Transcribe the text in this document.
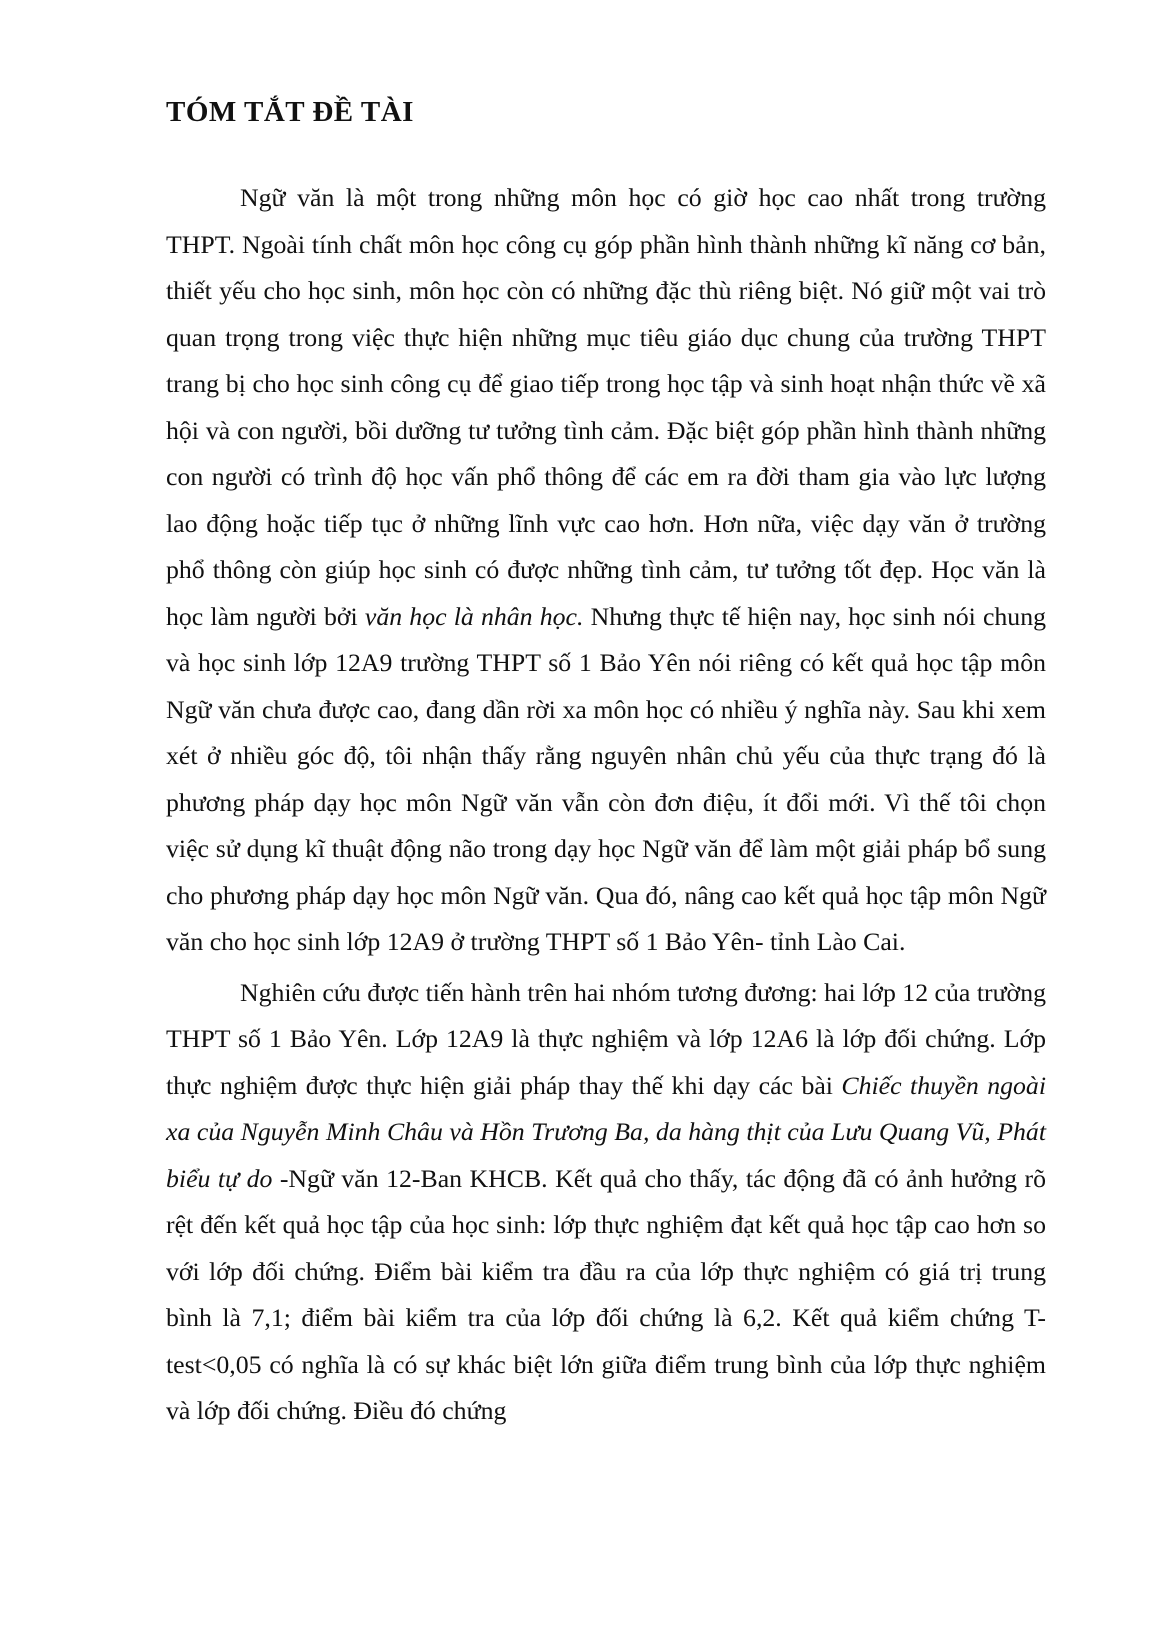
TÓM TẮT ĐỀ TÀI

Ngữ văn là một trong những môn học có giờ học cao nhất trong trường THPT. Ngoài tính chất môn học công cụ góp phần hình thành những kĩ năng cơ bản, thiết yếu cho học sinh, môn học còn có những đặc thù riêng biệt. Nó giữ một vai trò quan trọng trong việc thực hiện những mục tiêu giáo dục chung của trường THPT trang bị cho học sinh công cụ để giao tiếp trong học tập và sinh hoạt nhận thức về xã hội và con người, bồi dưỡng tư tưởng tình cảm. Đặc biệt góp phần hình thành những con người có trình độ học vấn phổ thông để các em ra đời tham gia vào lực lượng lao động hoặc tiếp tục ở những lĩnh vực cao hơn. Hơn nữa, việc dạy văn ở trường phổ thông còn giúp học sinh có được những tình cảm, tư tưởng tốt đẹp. Học văn là học làm người bởi văn học là nhân học. Nhưng thực tế hiện nay, học sinh nói chung và học sinh lớp 12A9 trường THPT số 1 Bảo Yên nói riêng có kết quả học tập môn Ngữ văn chưa được cao, đang dần rời xa môn học có nhiều ý nghĩa này. Sau khi xem xét ở nhiều góc độ, tôi nhận thấy rằng nguyên nhân chủ yếu của thực trạng đó là phương pháp dạy học môn Ngữ văn vẫn còn đơn điệu, ít đổi mới. Vì thế tôi chọn việc sử dụng kĩ thuật động não trong dạy học Ngữ văn để làm một giải pháp bổ sung cho phương pháp dạy học môn Ngữ văn. Qua đó, nâng cao kết quả học tập môn Ngữ văn cho học sinh lớp 12A9 ở trường THPT số 1 Bảo Yên- tỉnh Lào Cai.

Nghiên cứu được tiến hành trên hai nhóm tương đương: hai lớp 12 của trường THPT số 1 Bảo Yên. Lớp 12A9 là thực nghiệm và lớp 12A6 là lớp đối chứng. Lớp thực nghiệm được thực hiện giải pháp thay thế khi dạy các bài Chiếc thuyền ngoài xa của Nguyễn Minh Châu và Hồn Trương Ba, da hàng thịt của Lưu Quang Vũ, Phát biểu tự do -Ngữ văn 12-Ban KHCB. Kết quả cho thấy, tác động đã có ảnh hưởng rõ rệt đến kết quả học tập của học sinh: lớp thực nghiệm đạt kết quả học tập cao hơn so với lớp đối chứng. Điểm bài kiểm tra đầu ra của lớp thực nghiệm có giá trị trung bình là 7,1; điểm bài kiểm tra của lớp đối chứng là 6,2. Kết quả kiểm chứng T-test<0,05 có nghĩa là có sự khác biệt lớn giữa điểm trung bình của lớp thực nghiệm và lớp đối chứng. Điều đó chứng
